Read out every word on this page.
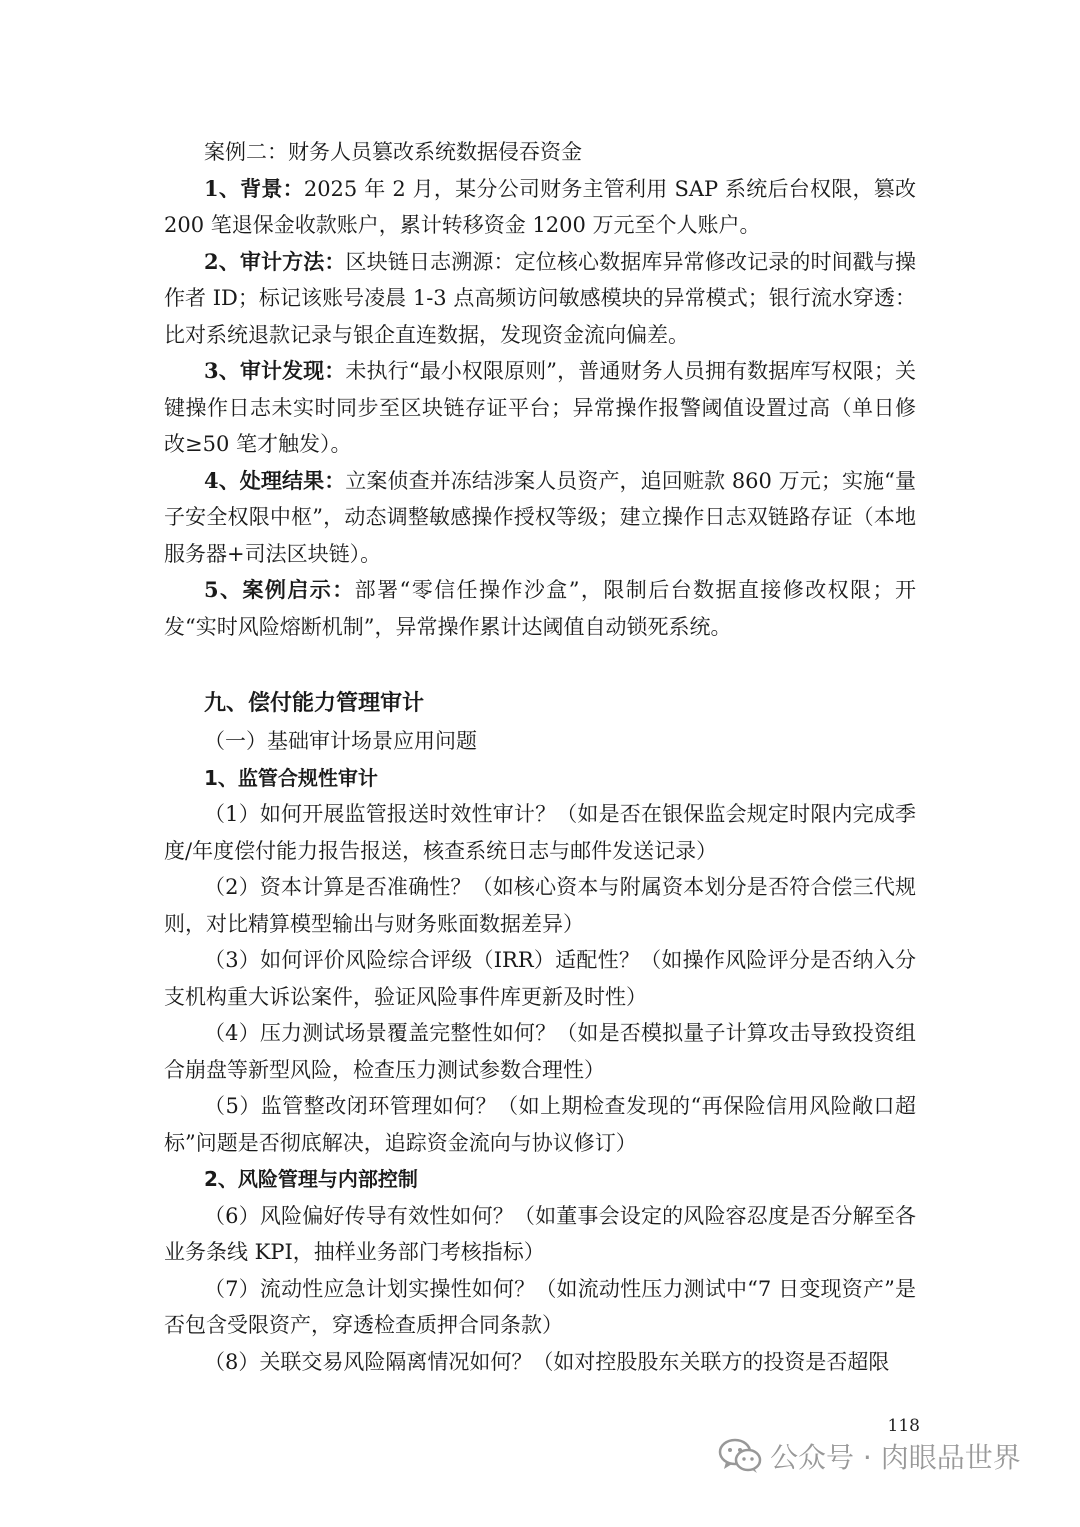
案例二：财务人员篡改系统数据侵吞资金

1、背景：2025 年 2 月，某分公司财务主管利用 SAP 系统后台权限，篡改 200 笔退保金收款账户，累计转移资金 1200 万元至个人账户。

2、审计方法：区块链日志溯源：定位核心数据库异常修改记录的时间戳与操作者 ID；标记该账号凌晨 1-3 点高频访问敏感模块的异常模式；银行流水穿透：比对系统退款记录与银企直连数据，发现资金流向偏差。

3、审计发现：未执行“最小权限原则”，普通财务人员拥有数据库写权限；关键操作日志未实时同步至区块链存证平台；异常操作报警阈值设置过高（单日修改≥50 笔才触发）。

4、处理结果：立案侦查并冻结涉案人员资产，追回赃款 860 万元；实施“量子安全权限中枢”，动态调整敏感操作授权等级；建立操作日志双链路存证（本地服务器+司法区块链）。

5、案例启示：部署“零信任操作沙盒”，限制后台数据直接修改权限；开发“实时风险熔断机制”，异常操作累计达阈值自动锁死系统。

九、偿付能力管理审计

（一）基础审计场景应用问题

1、监管合规性审计

（1）如何开展监管报送时效性审计？（如是否在银保监会规定时限内完成季度/年度偿付能力报告报送，核查系统日志与邮件发送记录）

（2）资本计算是否准确性？（如核心资本与附属资本划分是否符合偿三代规则，对比精算模型输出与财务账面数据差异）

（3）如何评价风险综合评级（IRR）适配性？（如操作风险评分是否纳入分支机构重大诉讼案件，验证风险事件库更新及时性）

（4）压力测试场景覆盖完整性如何？（如是否模拟量子计算攻击导致投资组合崩盘等新型风险，检查压力测试参数合理性）

（5）监管整改闭环管理如何？（如上期检查发现的“再保险信用风险敞口超标”问题是否彻底解决，追踪资金流向与协议修订）

2、风险管理与内部控制

（6）风险偏好传导有效性如何？（如董事会设定的风险容忍度是否分解至各业务条线 KPI，抽样业务部门考核指标）

（7）流动性应急计划实操性如何？（如流动性压力测试中“7 日变现资产”是否包含受限资产，穿透检查质押合同条款）

（8）关联交易风险隔离情况如何？（如对控股股东关联方的投资是否超限

118
公众号 · 肉眼品世界
